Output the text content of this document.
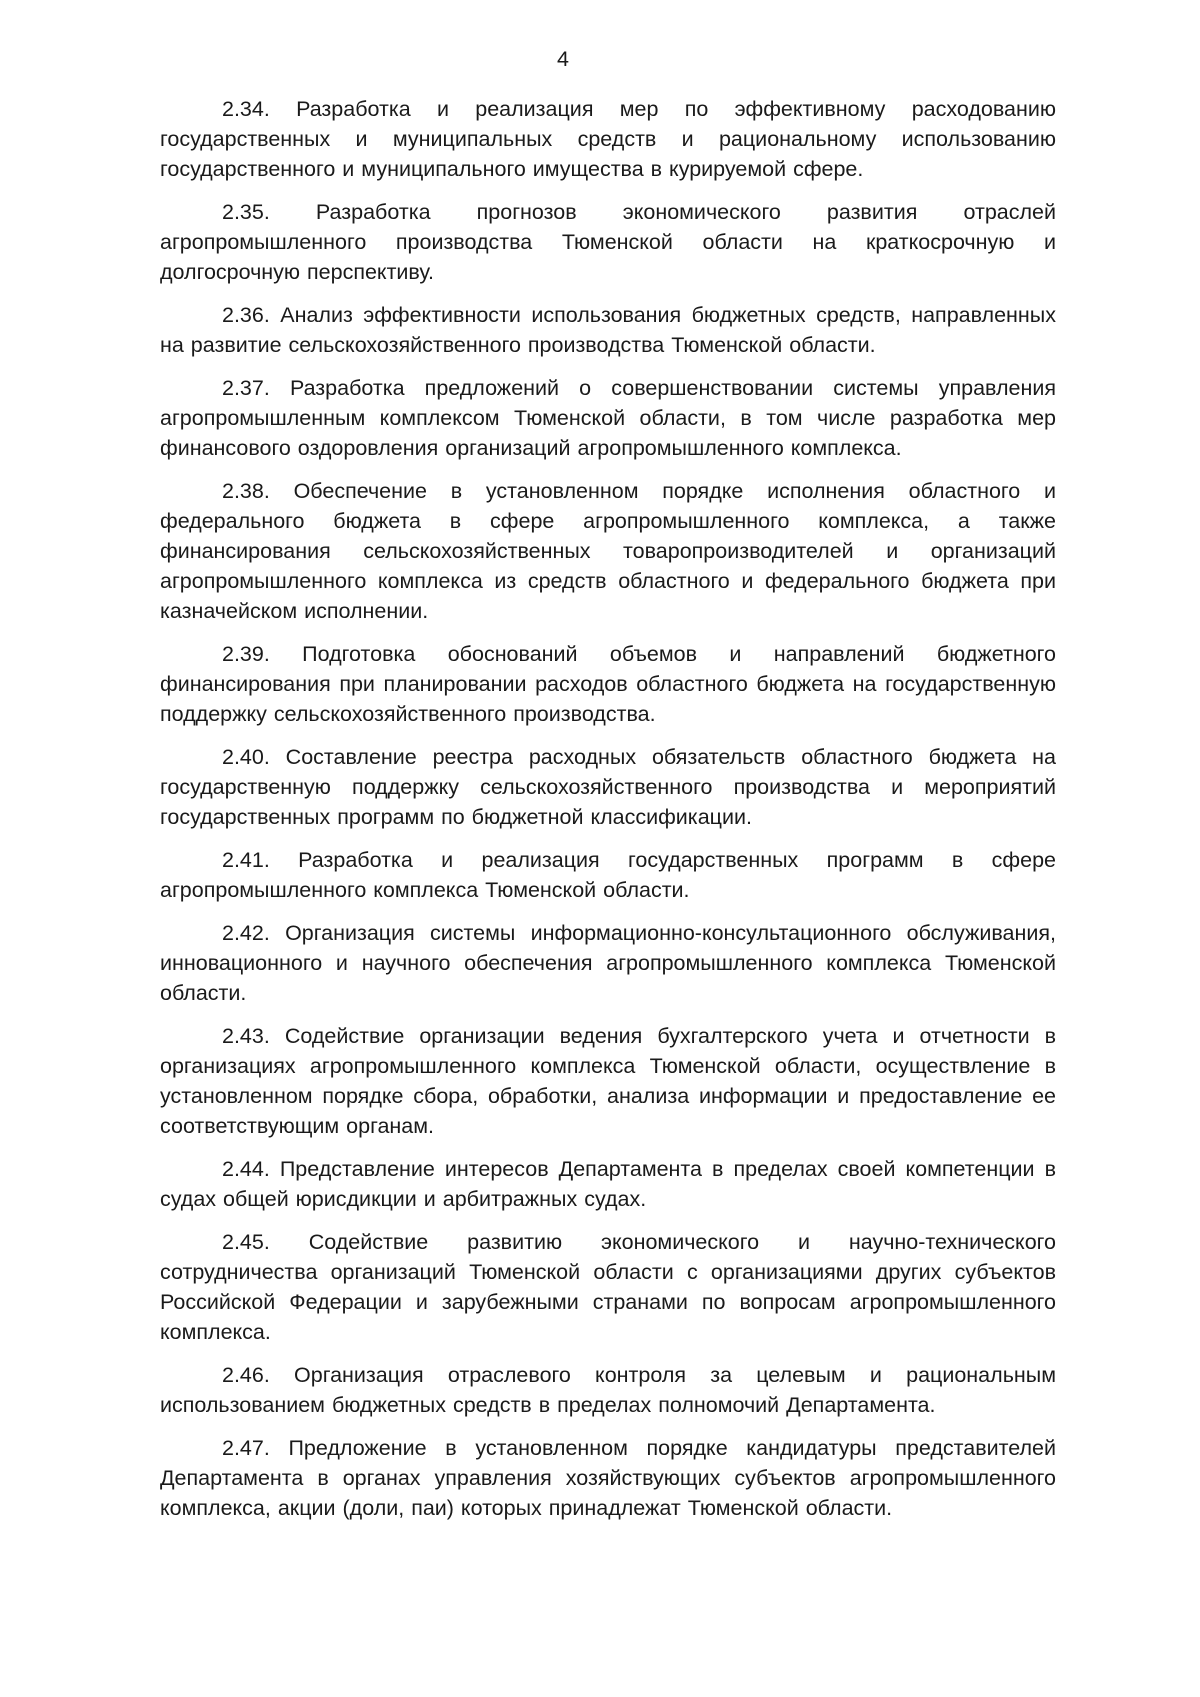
4

2.34. Разработка и реализация мер по эффективному расходованию государственных и муниципальных средств и рациональному использованию государственного и муниципального имущества в курируемой сфере.

2.35. Разработка прогнозов экономического развития отраслей агропромышленного производства Тюменской области на краткосрочную и долгосрочную перспективу.

2.36. Анализ эффективности использования бюджетных средств, направленных на развитие сельскохозяйственного производства Тюменской области.

2.37. Разработка предложений о совершенствовании системы управления агропромышленным комплексом Тюменской области, в том числе разработка мер финансового оздоровления организаций агропромышленного комплекса.

2.38. Обеспечение в установленном порядке исполнения областного и федерального бюджета в сфере агропромышленного комплекса, а также финансирования сельскохозяйственных товаропроизводителей и организаций агропромышленного комплекса из средств областного и федерального бюджета при казначейском исполнении.

2.39. Подготовка обоснований объемов и направлений бюджетного финансирования при планировании расходов областного бюджета на государственную поддержку сельскохозяйственного производства.

2.40. Составление реестра расходных обязательств областного бюджета на государственную поддержку сельскохозяйственного производства и мероприятий государственных программ по бюджетной классификации.

2.41. Разработка и реализация государственных программ в сфере агропромышленного комплекса Тюменской области.

2.42. Организация системы информационно-консультационного обслуживания, инновационного и научного обеспечения агропромышленного комплекса Тюменской области.

2.43. Содействие организации ведения бухгалтерского учета и отчетности в организациях агропромышленного комплекса Тюменской области, осуществление в установленном порядке сбора, обработки, анализа информации и предоставление ее соответствующим органам.

2.44. Представление интересов Департамента в пределах своей компетенции в судах общей юрисдикции и арбитражных судах.

2.45. Содействие развитию экономического и научно-технического сотрудничества организаций Тюменской области с организациями других субъектов Российской Федерации и зарубежными странами по вопросам агропромышленного комплекса.

2.46. Организация отраслевого контроля за целевым и рациональным использованием бюджетных средств в пределах полномочий Департамента.

2.47. Предложение в установленном порядке кандидатуры представителей Департамента в органах управления хозяйствующих субъектов агропромышленного комплекса, акции (доли, паи) которых принадлежат Тюменской области.
